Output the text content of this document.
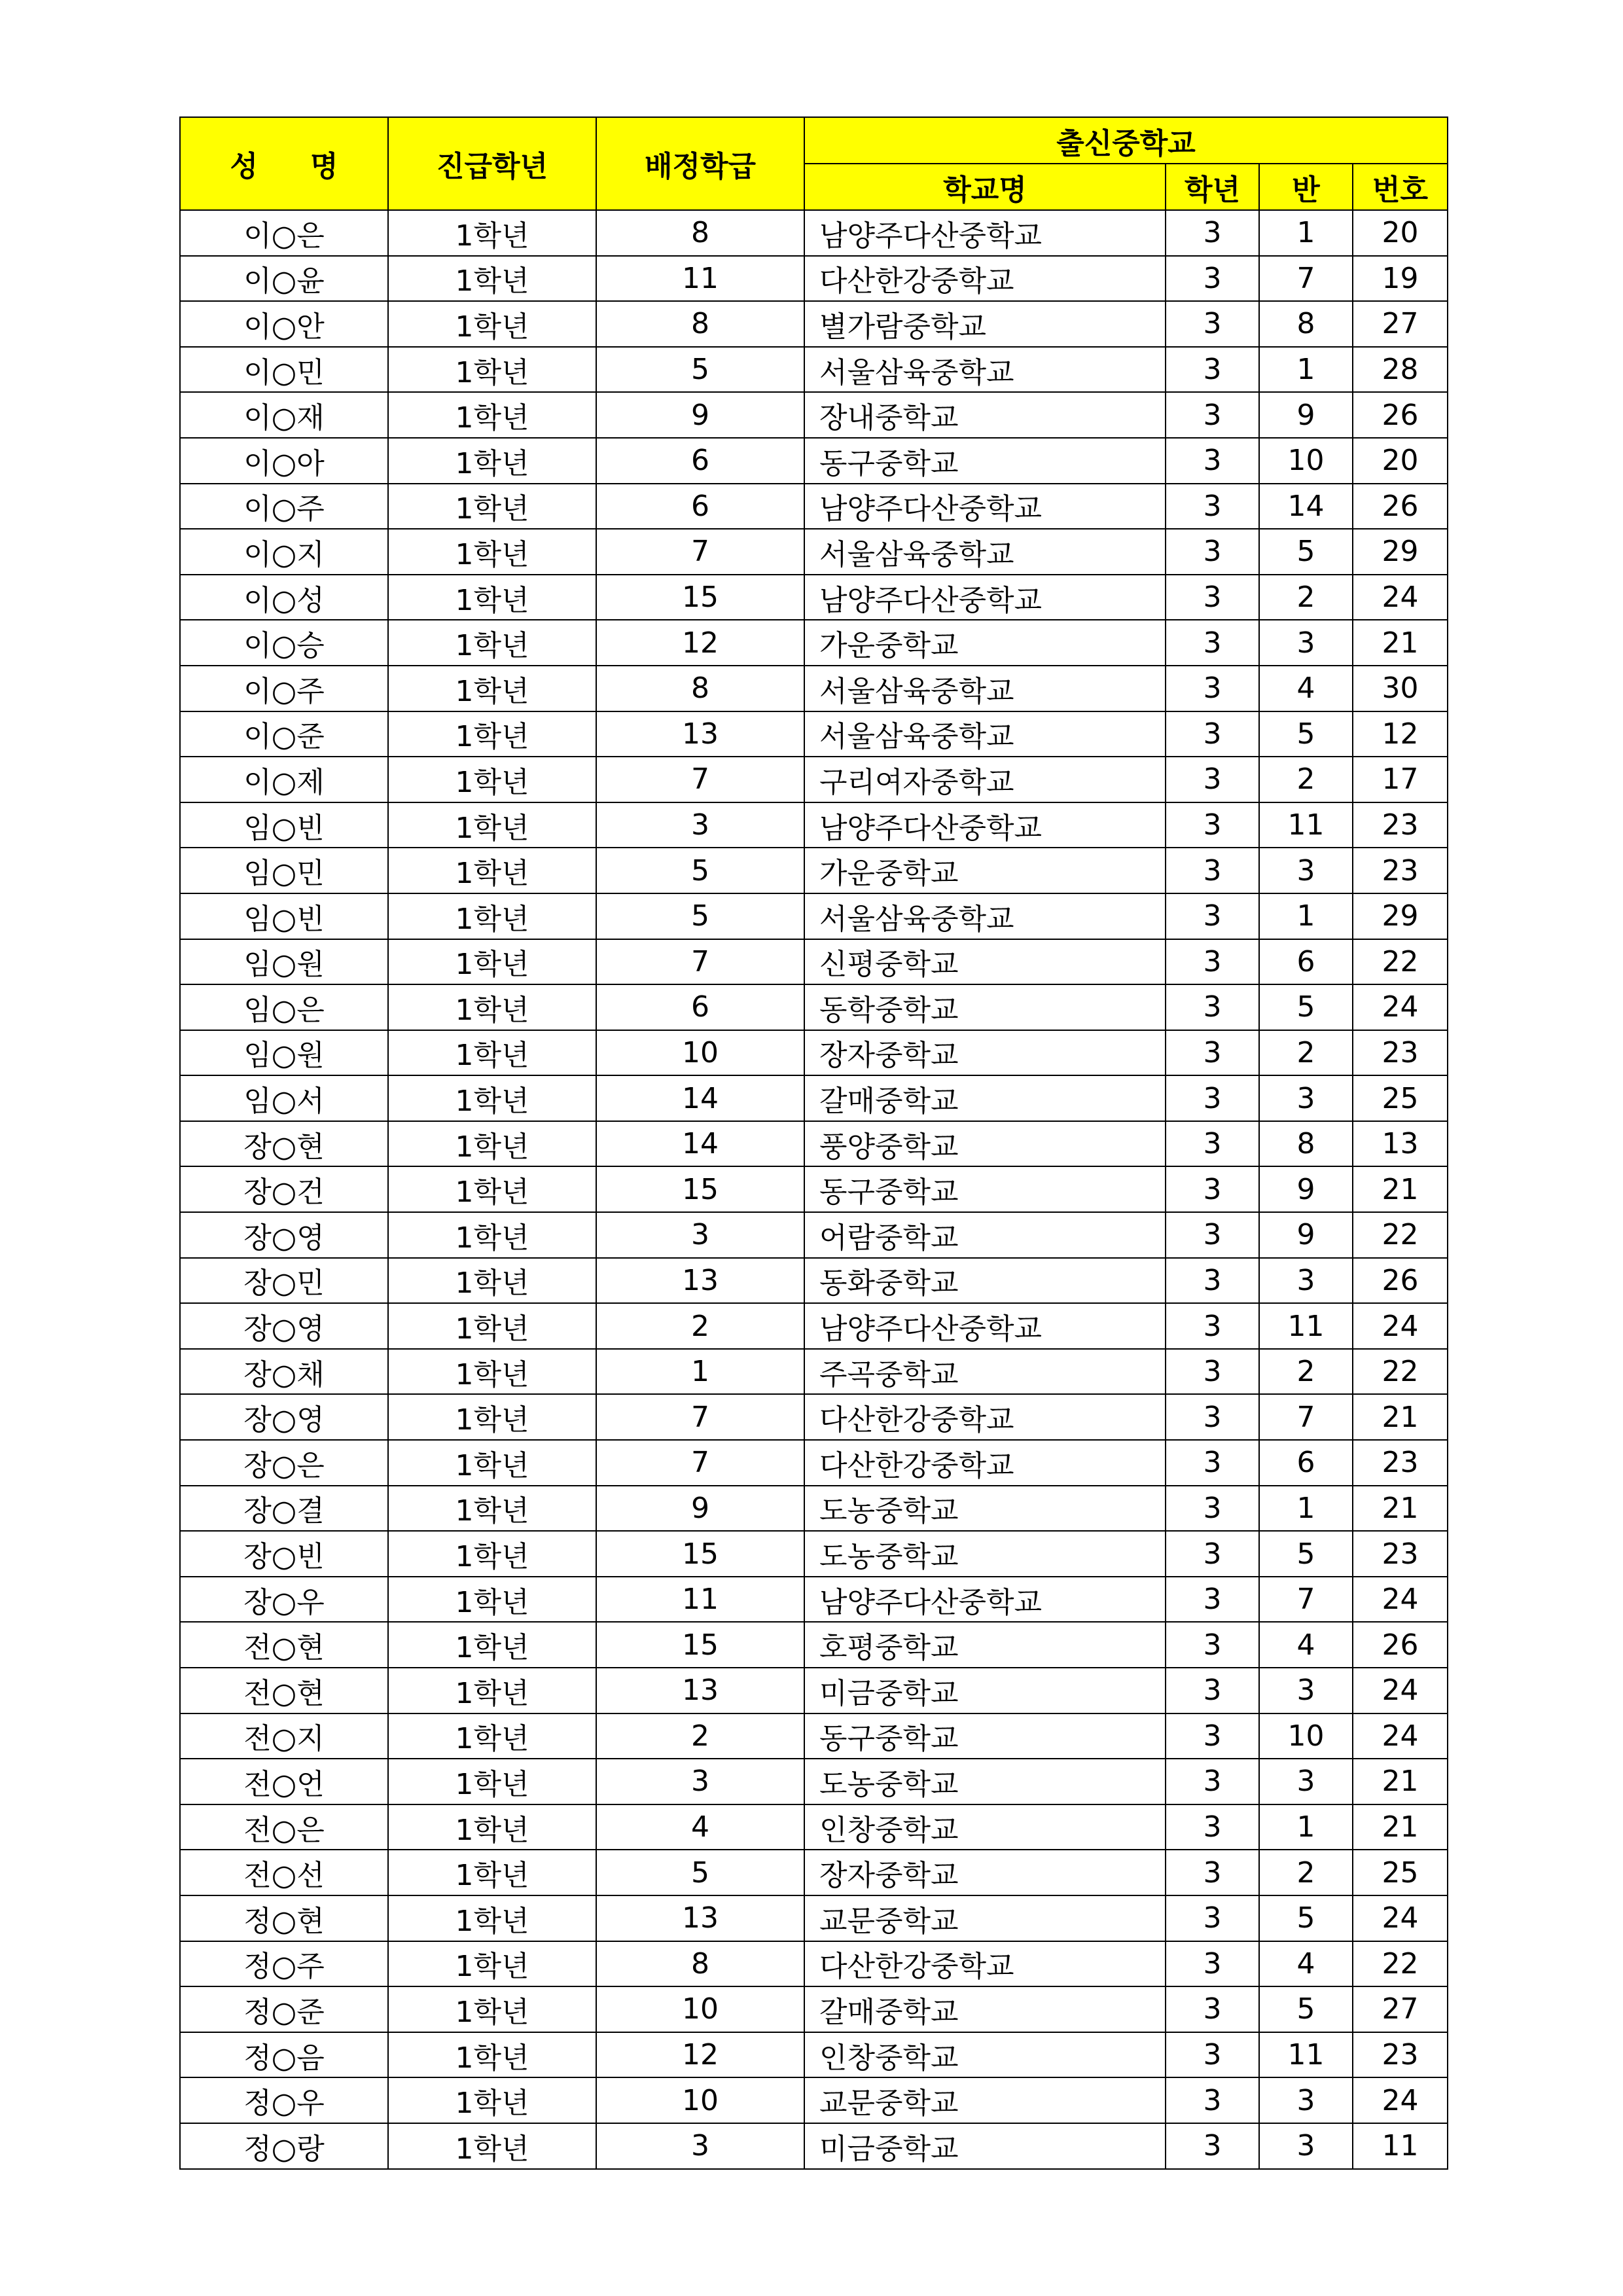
성 명	진급학년	배정학급	출신중학교			
			학교명	학년	반	번호
이○은	1학년	8	남양주다산중학교	3	1	20
이○윤	1학년	11	다산한강중학교	3	7	19
이○안	1학년	8	별가람중학교	3	8	27
이○민	1학년	5	서울삼육중학교	3	1	28
이○재	1학년	9	장내중학교	3	9	26
이○아	1학년	6	동구중학교	3	10	20
이○주	1학년	6	남양주다산중학교	3	14	26
이○지	1학년	7	서울삼육중학교	3	5	29
이○성	1학년	15	남양주다산중학교	3	2	24
이○승	1학년	12	가운중학교	3	3	21
이○주	1학년	8	서울삼육중학교	3	4	30
이○준	1학년	13	서울삼육중학교	3	5	12
이○제	1학년	7	구리여자중학교	3	2	17
임○빈	1학년	3	남양주다산중학교	3	11	23
임○민	1학년	5	가운중학교	3	3	23
임○빈	1학년	5	서울삼육중학교	3	1	29
임○원	1학년	7	신평중학교	3	6	22
임○은	1학년	6	동학중학교	3	5	24
임○원	1학년	10	장자중학교	3	2	23
임○서	1학년	14	갈매중학교	3	3	25
장○현	1학년	14	풍양중학교	3	8	13
장○건	1학년	15	동구중학교	3	9	21
장○영	1학년	3	어람중학교	3	9	22
장○민	1학년	13	동화중학교	3	3	26
장○영	1학년	2	남양주다산중학교	3	11	24
장○채	1학년	1	주곡중학교	3	2	22
장○영	1학년	7	다산한강중학교	3	7	21
장○은	1학년	7	다산한강중학교	3	6	23
장○결	1학년	9	도농중학교	3	1	21
장○빈	1학년	15	도농중학교	3	5	23
장○우	1학년	11	남양주다산중학교	3	7	24
전○현	1학년	15	호평중학교	3	4	26
전○현	1학년	13	미금중학교	3	3	24
전○지	1학년	2	동구중학교	3	10	24
전○언	1학년	3	도농중학교	3	3	21
전○은	1학년	4	인창중학교	3	1	21
전○선	1학년	5	장자중학교	3	2	25
정○현	1학년	13	교문중학교	3	5	24
정○주	1학년	8	다산한강중학교	3	4	22
정○준	1학년	10	갈매중학교	3	5	27
정○음	1학년	12	인창중학교	3	11	23
정○우	1학년	10	교문중학교	3	3	24
정○랑	1학년	3	미금중학교	3	3	11
